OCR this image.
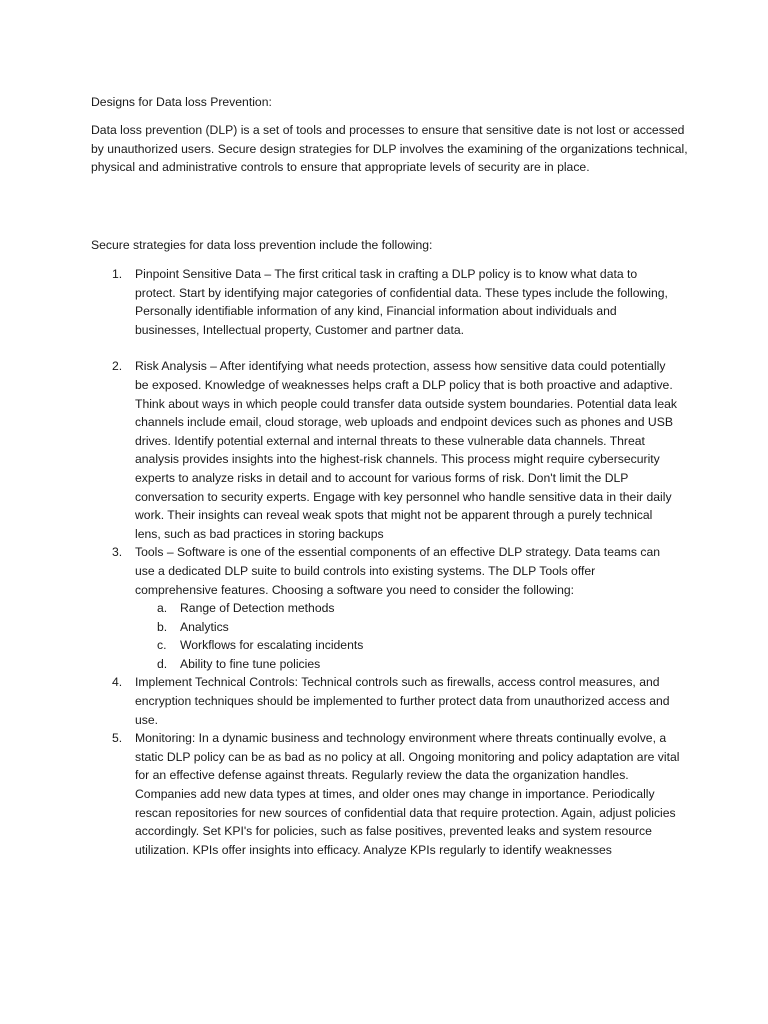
Designs for Data loss Prevention:

Data loss prevention (DLP) is a set of tools and processes to ensure that sensitive date is not lost or accessed by unauthorized users. Secure design strategies for DLP involves the examining of the organizations technical, physical and administrative controls to ensure that appropriate levels of security are in place.

Secure strategies for data loss prevention include the following:

1. Pinpoint Sensitive Data – The first critical task in crafting a DLP policy is to know what data to protect. Start by identifying major categories of confidential data. These types include the following, Personally identifiable information of any kind, Financial information about individuals and businesses, Intellectual property, Customer and partner data.
2. Risk Analysis – After identifying what needs protection, assess how sensitive data could potentially be exposed. Knowledge of weaknesses helps craft a DLP policy that is both proactive and adaptive. Think about ways in which people could transfer data outside system boundaries. Potential data leak channels include email, cloud storage, web uploads and endpoint devices such as phones and USB drives. Identify potential external and internal threats to these vulnerable data channels. Threat analysis provides insights into the highest-risk channels. This process might require cybersecurity experts to analyze risks in detail and to account for various forms of risk. Don't limit the DLP conversation to security experts. Engage with key personnel who handle sensitive data in their daily work. Their insights can reveal weak spots that might not be apparent through a purely technical lens, such as bad practices in storing backups
3. Tools – Software is one of the essential components of an effective DLP strategy. Data teams can use a dedicated DLP suite to build controls into existing systems. The DLP Tools offer comprehensive features. Choosing a software you need to consider the following:
a. Range of Detection methods
b. Analytics
c. Workflows for escalating incidents
d. Ability to fine tune policies
4. Implement Technical Controls: Technical controls such as firewalls, access control measures, and encryption techniques should be implemented to further protect data from unauthorized access and use.
5. Monitoring: In a dynamic business and technology environment where threats continually evolve, a static DLP policy can be as bad as no policy at all. Ongoing monitoring and policy adaptation are vital for an effective defense against threats. Regularly review the data the organization handles. Companies add new data types at times, and older ones may change in importance. Periodically rescan repositories for new sources of confidential data that require protection. Again, adjust policies accordingly. Set KPI's for policies, such as false positives, prevented leaks and system resource utilization. KPIs offer insights into efficacy. Analyze KPIs regularly to identify weaknesses
